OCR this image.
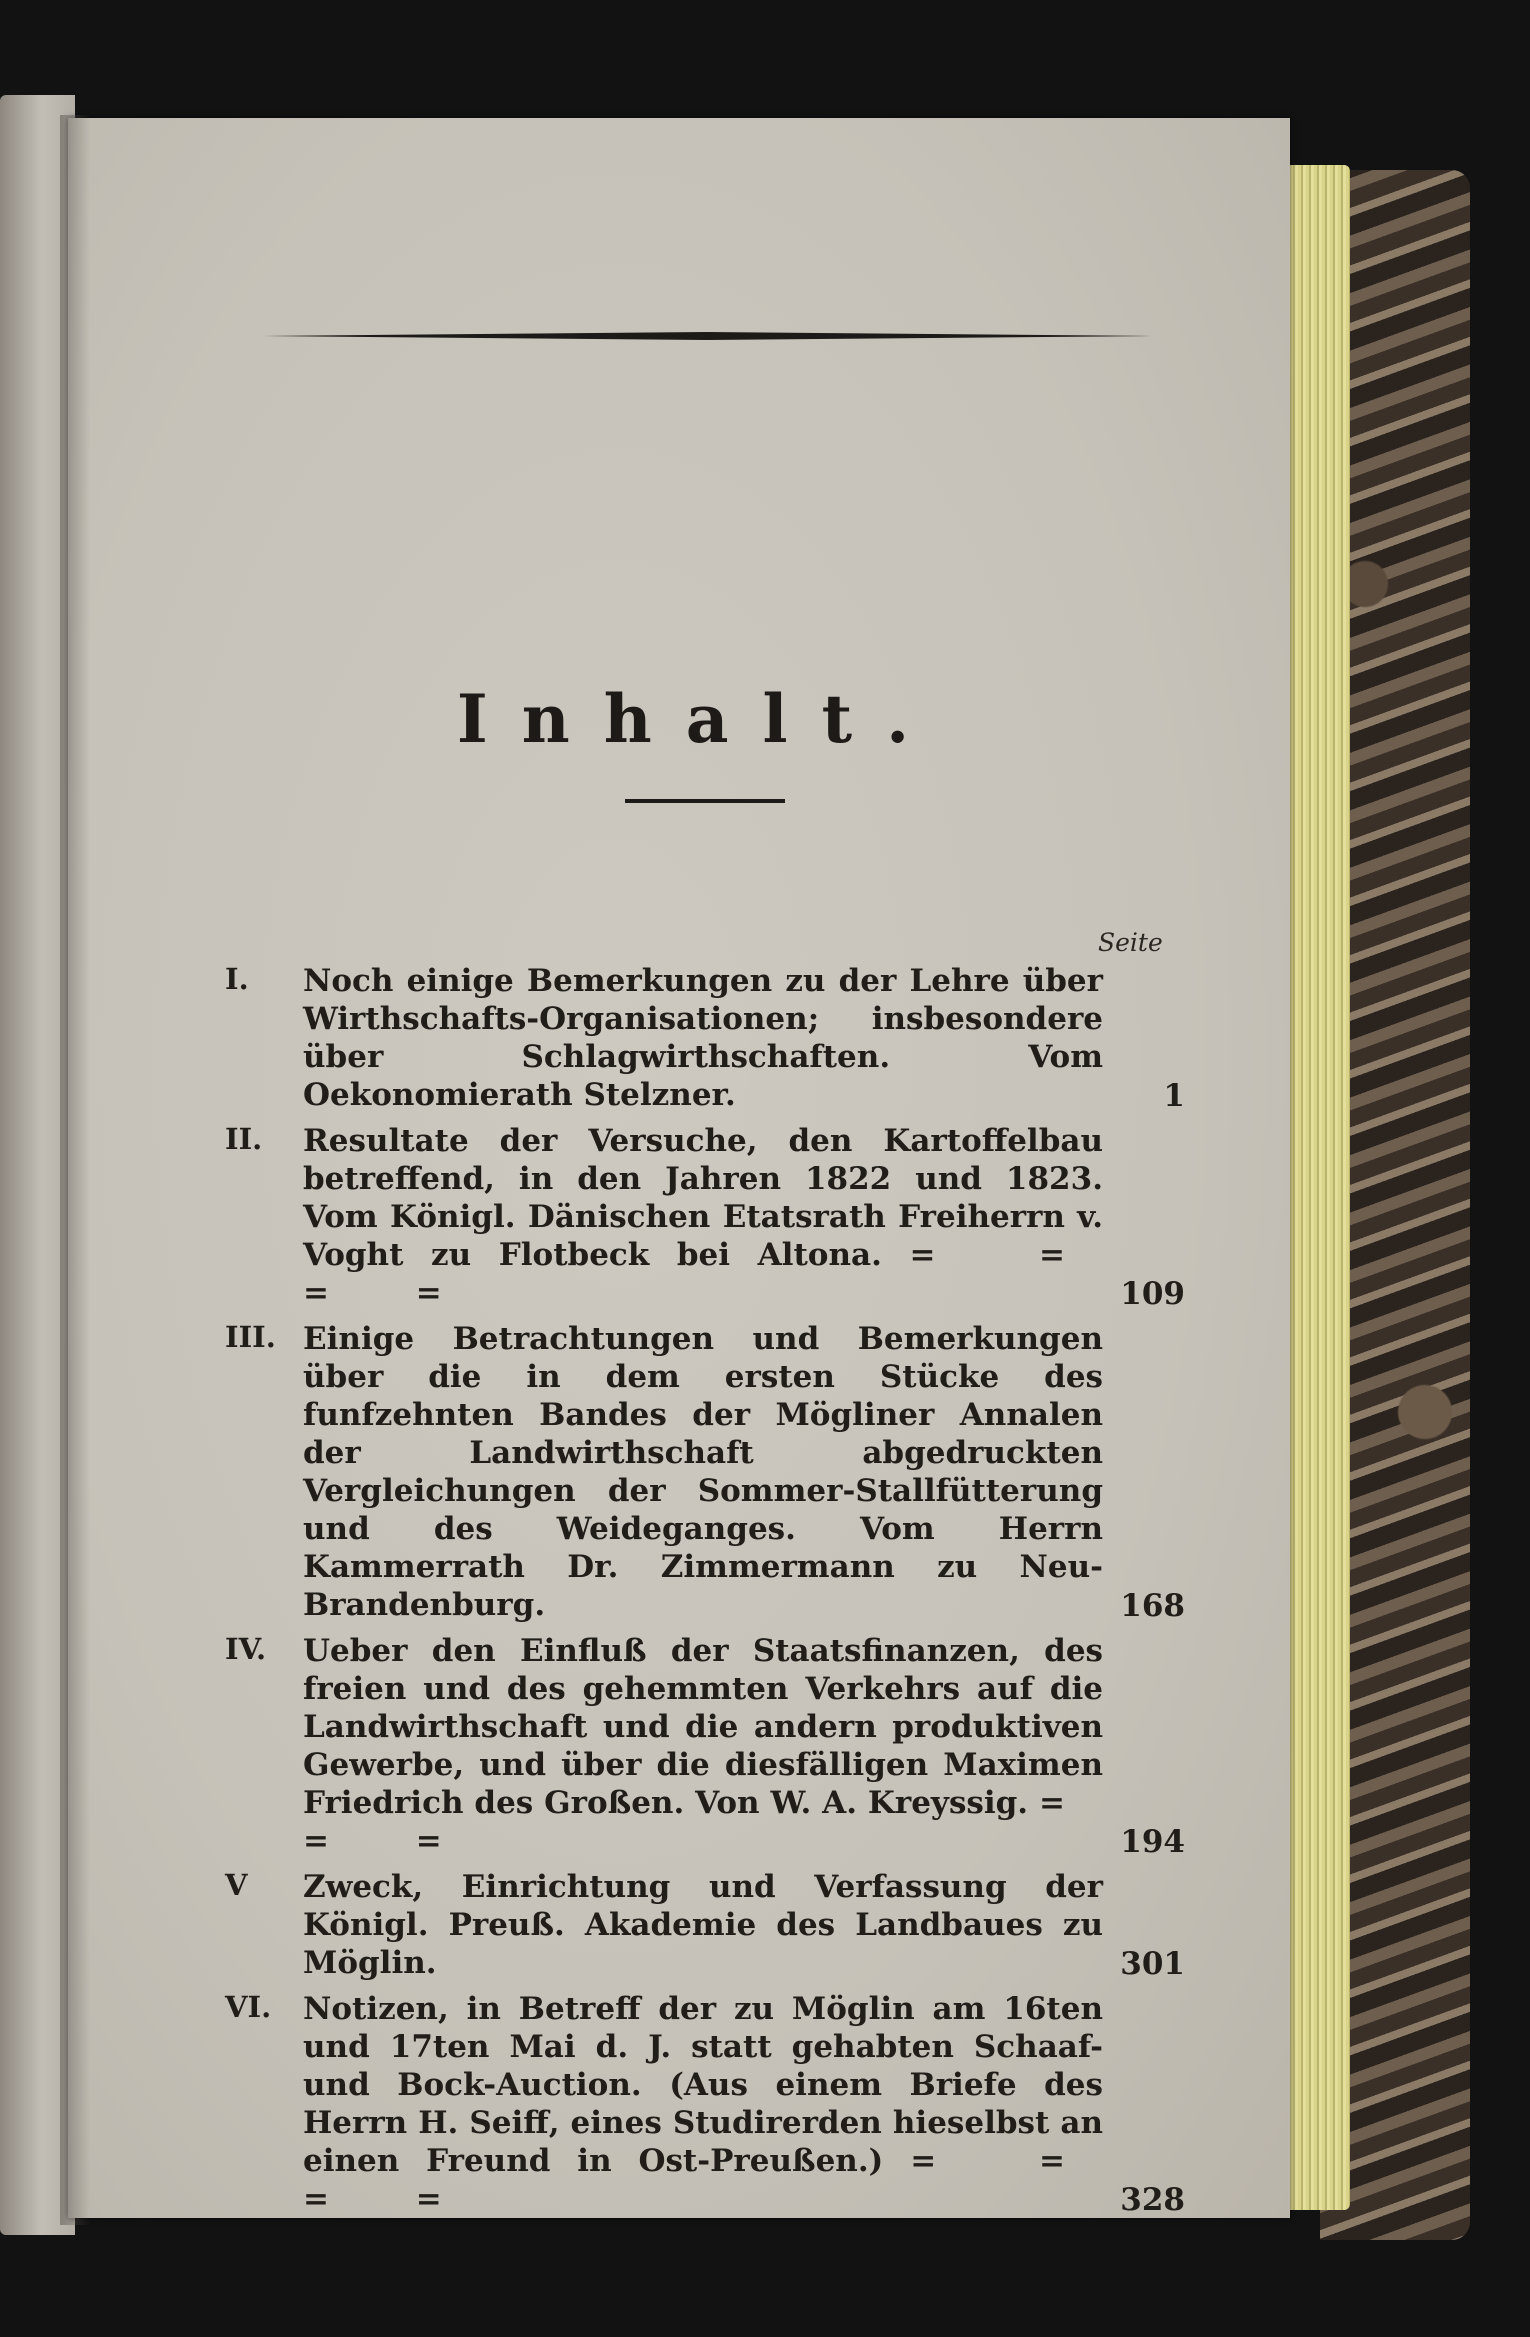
Inhalt.
Seite
I.	Noch einige Bemerkungen zu der Lehre über Wirthschafts-Organisationen; insbesondere über Schlagwirthschaften. Vom Oekonomierath Stelzner.	1
II.	Resultate der Versuche, den Kartoffelbau betreffend, in den Jahren 1822 und 1823. Vom Königl. Dänischen Etatsrath Freiherrn v. Voght zu Flotbeck bei Altona. = = = =	109
III. Einige Betrachtungen und Bemerkungen über die in dem ersten Stücke des funfzehnten Bandes der Mögliner Annalen der Landwirthschaft abgedruckten Vergleichungen der Sommer-Stallfütterung und des Weideganges. Vom Herrn Kammerrath Dr. Zimmermann zu Neu-Brandenburg.	168
IV.	Ueber den Einfluß der Staatsfinanzen, des freien und des gehemmten Verkehrs auf die Landwirthschaft und die andern produktiven Gewerbe, und über die diesfälligen Maximen Friedrich des Großen. Von W. A. Kreyssig. = = =	194
V	Zweck, Einrichtung und Verfassung der Königl. Preuß. Akademie des Landbaues zu Möglin.	301
VI.	Notizen, in Betreff der zu Möglin am 16ten und 17ten Mai d. J. statt gehabten Schaaf- und Bock-Auction. (Aus einem Briefe des Herrn H. Seiff, eines Studirerden hieselbst an einen Freund in Ost-Preußen.) = = = =	328
